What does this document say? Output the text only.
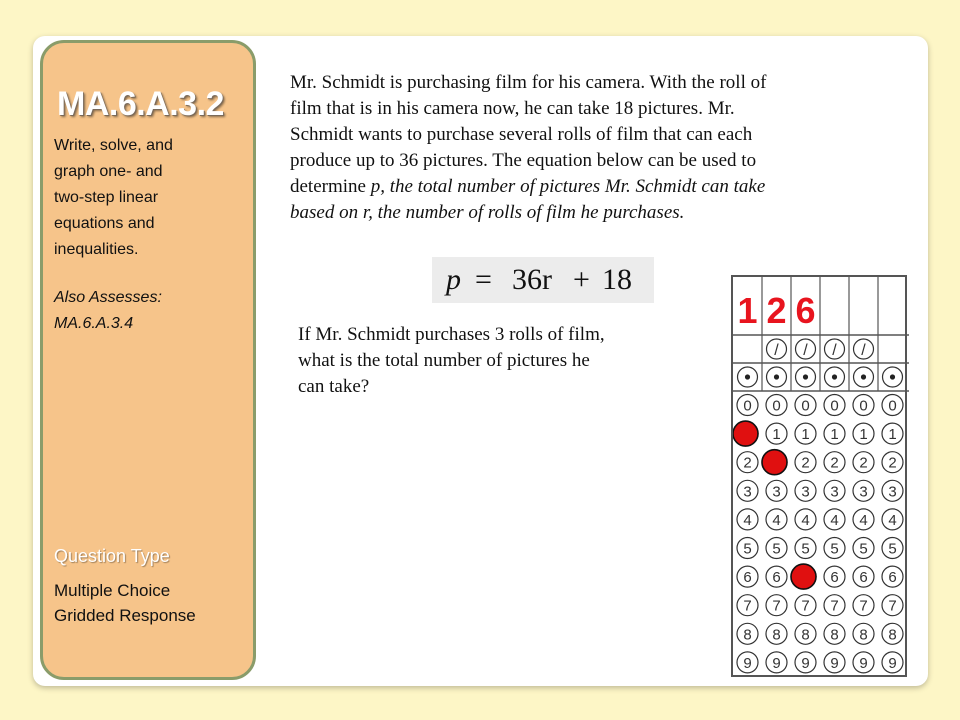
MA.6.A.3.2
Write, solve, and
graph one- and
two-step linear
equations and
inequalities.
Also Assesses:
MA.6.A.3.4
Question Type
Multiple Choice
Gridded Response
Mr. Schmidt is purchasing film for his camera. With the roll of
film that is in his camera now, he can take 18 pictures. Mr.
Schmidt wants to purchase several rolls of film that can each
produce up to 36 pictures. The equation below can be used to
determine p, the total number of pictures Mr. Schmidt can take
based on r, the number of rolls of film he purchases.
p = 36r + 18
If Mr. Schmidt purchases 3 rolls of film,
what is the total number of pictures he
can take?
1 2 6
/ / / /
0 0 0 0 0 0
1 1 1 1 1
2	2 2 2 2
3 3 3 3 3 3
4 4 4 4 4 4
5 5 5 5 5 5
6 6	6 6 6
7 7 7 7 7 7
8 8 8 8 8 8
9 9 9 9 9 9
